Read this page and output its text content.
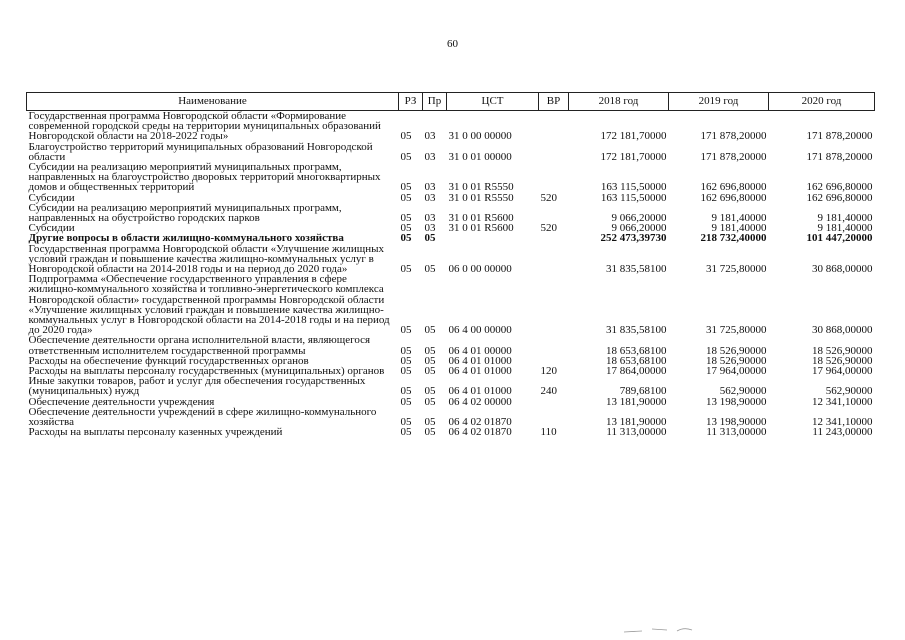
60
Наименование	РЗ	Пр	ЦСТ	ВР	2018 год	2019 год	2020 год
Государственная программа Новгородской области «Формирование современной городской среды на территории муниципальных образований Новгородской области на 2018-2022 годы»	05	03	31 0 00 00000		172 181,70000	171 878,20000	171 878,20000
Благоустройство территорий муниципальных образований Новгородской области	05	03	31 0 01 00000		172 181,70000	171 878,20000	171 878,20000
Субсидии на реализацию мероприятий муниципальных программ, направленных на благоустройство дворовых территорий многоквартирных домов и общественных территорий	05	03	31 0 01 R5550		163 115,50000	162 696,80000	162 696,80000
Субсидии	05	03	31 0 01 R5550	520	163 115,50000	162 696,80000	162 696,80000
Субсидии на реализацию мероприятий муниципальных программ, направленных на обустройство городских парков	05	03	31 0 01 R5600		9 066,20000	9 181,40000	9 181,40000
Субсидии	05	03	31 0 01 R5600	520	9 066,20000	9 181,40000	9 181,40000
Другие вопросы в области жилищно-коммунального хозяйства	05	05			252 473,39730	218 732,40000	101 447,20000
Государственная программа Новгородской области «Улучшение жилищных условий граждан и повышение качества жилищно-коммунальных услуг в Новгородской области на 2014-2018 годы и на период до 2020 года»	05	05	06 0 00 00000		31 835,58100	31 725,80000	30 868,00000
Подпрограмма «Обеспечение государственного управления в сфере жилищно-коммунального хозяйства и топливно-энергетического комплекса Новгородской области» государственной программы Новгородской области «Улучшение жилищных условий граждан и повышение качества жилищно-коммунальных услуг в Новгородской области на 2014-2018 годы и на период до 2020 года»	05	05	06 4 00 00000		31 835,58100	31 725,80000	30 868,00000
Обеспечение деятельности органа исполнительной власти, являющегося ответственным исполнителем государственной программы	05	05	06 4 01 00000		18 653,68100	18 526,90000	18 526,90000
Расходы на обеспечение функций государственных органов	05	05	06 4 01 01000		18 653,68100	18 526,90000	18 526,90000
Расходы на выплаты персоналу государственных (муниципальных) органов	05	05	06 4 01 01000	120	17 864,00000	17 964,00000	17 964,00000
Иные закупки товаров, работ и услуг для обеспечения государственных (муниципальных) нужд	05	05	06 4 01 01000	240	789,68100	562,90000	562,90000
Обеспечение деятельности учреждения	05	05	06 4 02 00000		13 181,90000	13 198,90000	12 341,10000
Обеспечение деятельности учреждений в сфере жилищно-коммунального хозяйства	05	05	06 4 02 01870		13 181,90000	13 198,90000	12 341,10000
Расходы на выплаты персоналу казенных учреждений	05	05	06 4 02 01870	110	11 313,00000	11 313,00000	11 243,00000
